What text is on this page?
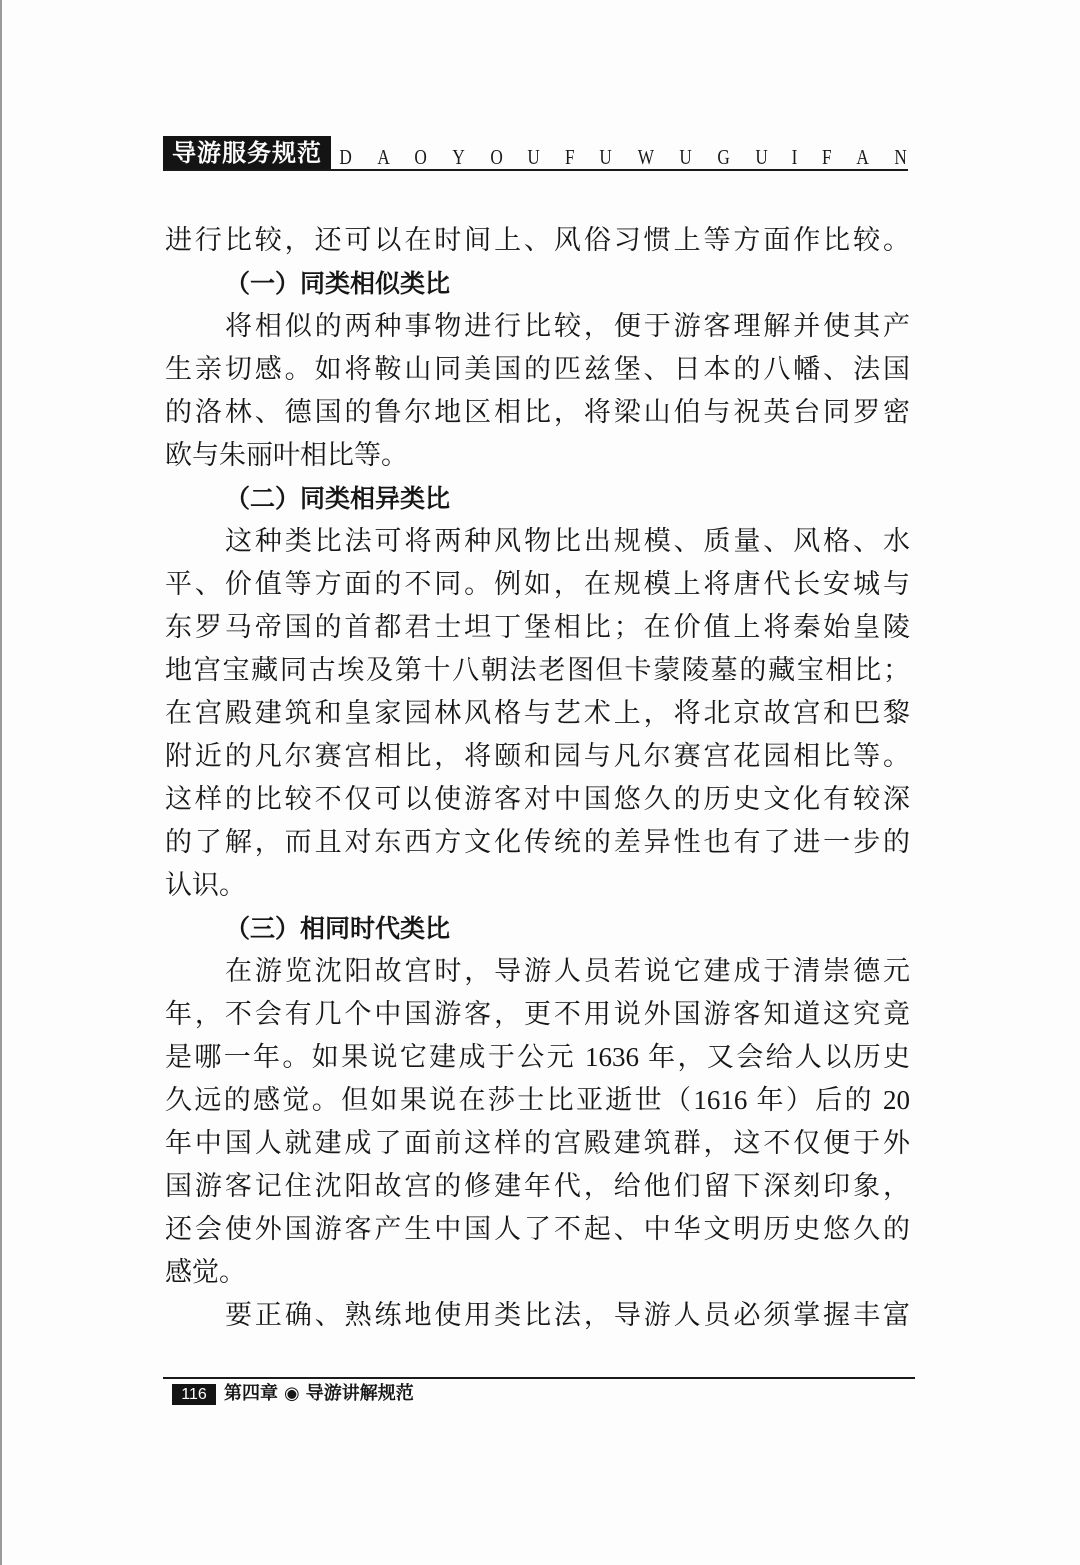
导游服务规范 D A O Y O U F U W U G U I F A N
进行比较，还可以在时间上、风俗习惯上等方面作比较。
（一）同类相似类比
将相似的两种事物进行比较，便于游客理解并使其产
生亲切感。如将鞍山同美国的匹兹堡、日本的八幡、法国
的洛林、德国的鲁尔地区相比，将梁山伯与祝英台同罗密
欧与朱丽叶相比等。
（二）同类相异类比
这种类比法可将两种风物比出规模、质量、风格、水
平、价值等方面的不同。例如，在规模上将唐代长安城与
东罗马帝国的首都君士坦丁堡相比；在价值上将秦始皇陵
地宫宝藏同古埃及第十八朝法老图但卡蒙陵墓的藏宝相比；
在宫殿建筑和皇家园林风格与艺术上，将北京故宫和巴黎
附近的凡尔赛宫相比，将颐和园与凡尔赛宫花园相比等。
这样的比较不仅可以使游客对中国悠久的历史文化有较深
的了解，而且对东西方文化传统的差异性也有了进一步的
认识。
（三）相同时代类比
在游览沈阳故宫时，导游人员若说它建成于清崇德元
年，不会有几个中国游客，更不用说外国游客知道这究竟
是哪一年。如果说它建成于公元 1636 年，又会给人以历史
久远的感觉。但如果说在莎士比亚逝世（1616 年）后的 20
年中国人就建成了面前这样的宫殿建筑群，这不仅便于外
国游客记住沈阳故宫的修建年代，给他们留下深刻印象，
还会使外国游客产生中国人了不起、中华文明历史悠久的
感觉。
要正确、熟练地使用类比法，导游人员必须掌握丰富
116 第四章 ◉ 导游讲解规范
